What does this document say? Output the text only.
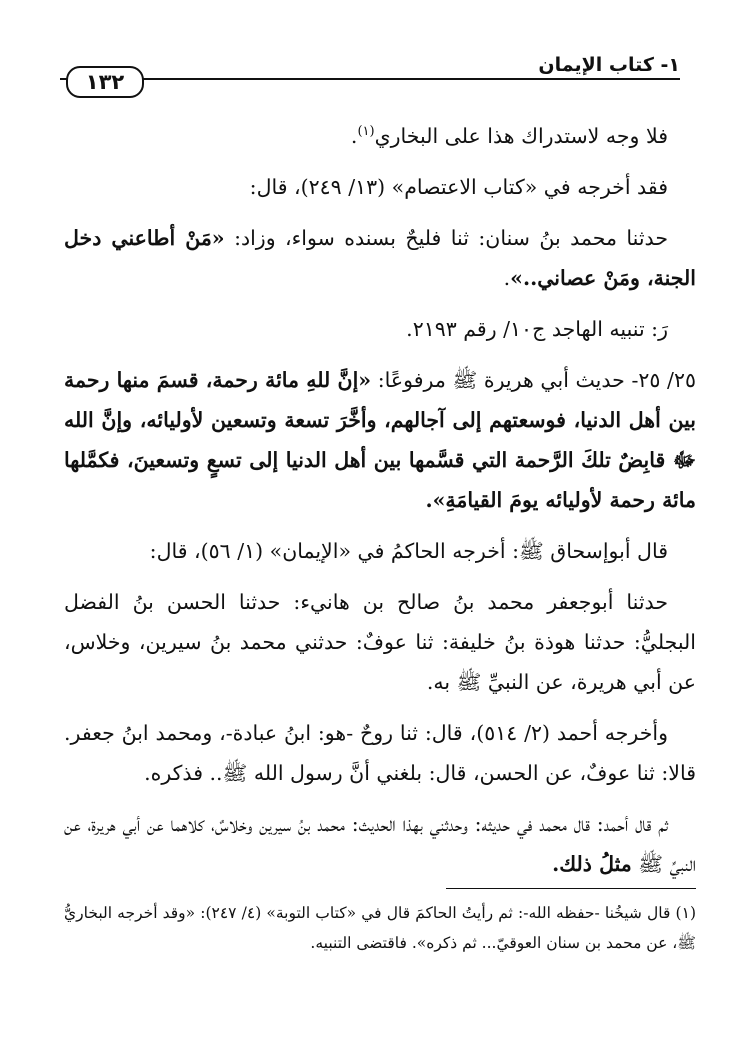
١- كتاب الإيمان
١٣٢

فلا وجه لاستدراك هذا على البخاري$^{(١)}$.

فقد أخرجه في «كتاب الاعتصام» (١٣/ ٢٤٩)، قال:

حدثنا محمد بنُ سنان: ثنا فليحٌ بسنده سواء، وزاد: «مَنْ أطاعني دخل الجنة، ومَنْ عصاني..».

رَ: تنبيه الهاجد ج١٠/ رقم ٢١٩٣.

٢٥/ ٢٥- حديث أبي هريرة ﷺ مرفوعًا: «إنَّ للهِ مائة رحمة، قسمَ منها رحمة بين أهل الدنيا، فوسعتهم إلى آجالهم، وأخَّرَ تسعة وتسعين لأوليائه، وإنَّ الله ﷻ قابِضٌ تلكَ الرَّحمة التي قسَّمها بين أهل الدنيا إلى تسعٍ وتسعينَ، فكمَّلها مائة رحمة لأوليائه يومَ القيامَةِ».

قال أبوإسحاق ﷺ: أخرجه الحاكمُ في «الإيمان» (١/ ٥٦)، قال:

حدثنا أبوجعفر محمد بنُ صالح بن هانيء: حدثنا الحسن بنُ الفضل البجليُّ: حدثنا هوذة بنُ خليفة: ثنا عوفٌ: حدثني محمد بنُ سيرين، وخلاس، عن أبي هريرة، عن النبيِّ ﷺ به.

وأخرجه أحمد (٢/ ٥١٤)، قال: ثنا روحٌ -هو: ابنُ عبادة-، ومحمد ابنُ جعفر. قالا: ثنا عوفٌ، عن الحسن، قال: بلغني أنَّ رسول الله ﷺ.. فذكره.

ثم قال أحمد: قال محمد في حديثه: وحدثني بهذا الحديث: محمد بنُ سيرين وخلاسٌ، كلاهما عن أبي هريرة، عن النبيِّ ﷺ مثلُ ذلك.

(١) قال شيخُنا -حفظه الله-: ثم رأيتُ الحاكمَ قال في «كتاب التوبة» (٤/ ٢٤٧): «وقد أخرجه البخاريُّ ﷺ، عن محمد بن سنان العوقيّ... ثم ذكره». فاقتضى التنبيه.
